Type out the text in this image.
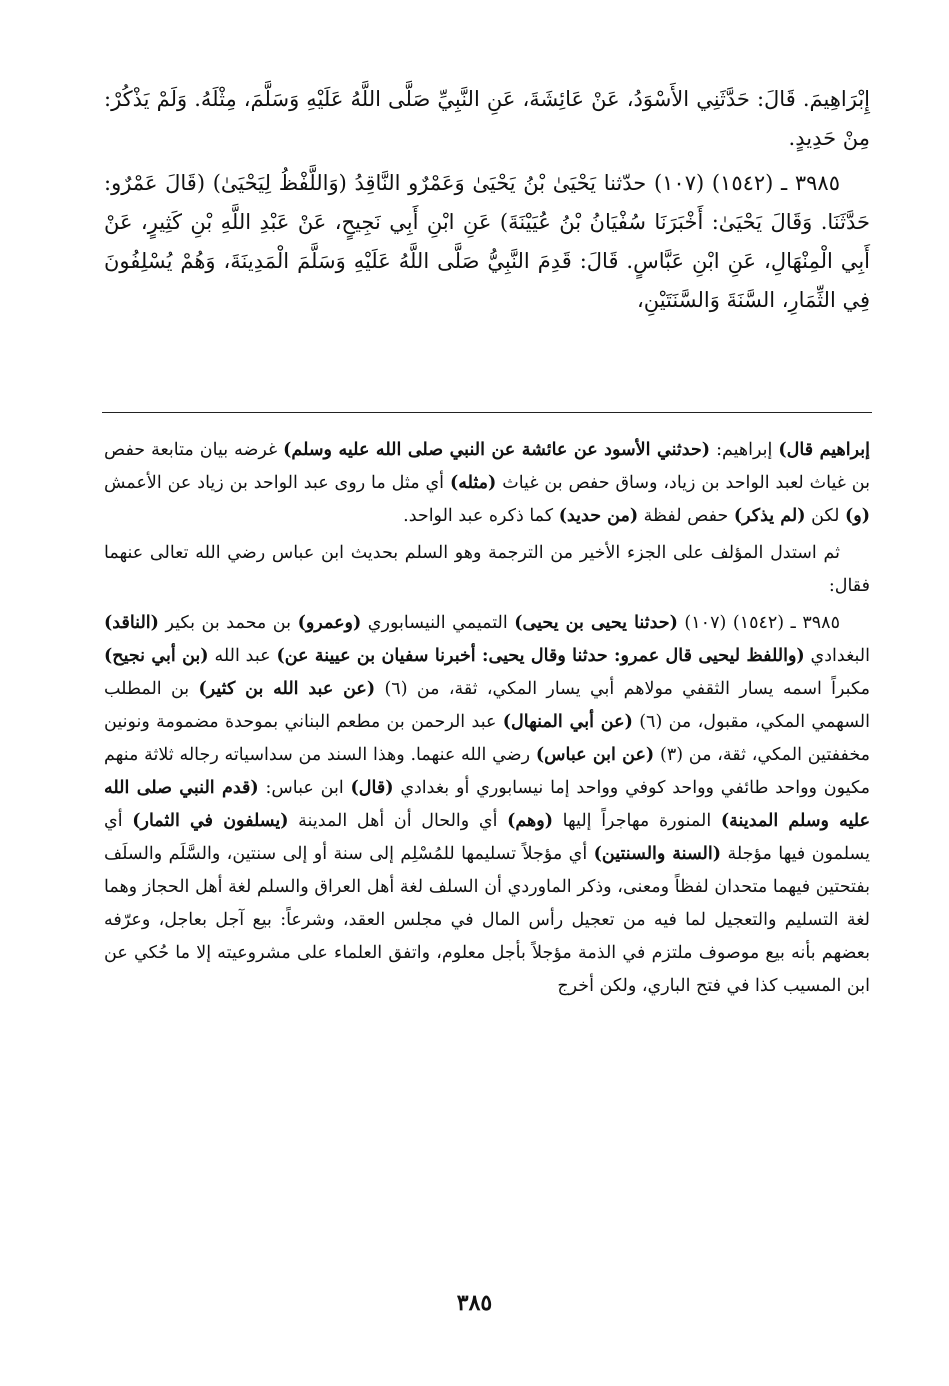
إِبْرَاهِيمَ. قَالَ: حَدَّثَنِي الأَسْوَدُ، عَنْ عَائِشَةَ، عَنِ النَّبِيِّ صَلَّى اللَّهُ عَلَيْهِ وَسَلَّمَ، مِثْلَهُ. وَلَمْ يَذْكُرْ: مِنْ حَدِيدٍ.

٣٩٨٥ ـ (١٥٤٢) (١٠٧) حدّثنا يَحْيَىٰ بْنُ يَحْيَىٰ وَعَمْرٌو النَّاقِدُ (وَاللَّفْظُ لِيَحْيَىٰ) (قَالَ عَمْرٌو: حَدَّثَنَا. وَقَالَ يَحْيَىٰ: أَخْبَرَنَا سُفْيَانُ بْنُ عُيَيْنَةَ) عَنِ ابْنِ أَبِي نَجِيحٍ، عَنْ عَبْدِ اللَّهِ بْنِ كَثِيرٍ، عَنْ أَبِي الْمِنْهَالِ، عَنِ ابْنِ عَبَّاسٍ. قَالَ: قَدِمَ النَّبِيُّ صَلَّى اللَّهُ عَلَيْهِ وَسَلَّمَ الْمَدِينَةَ، وَهُمْ يُسْلِفُونَ فِي الثِّمَارِ، السَّنَةَ وَالسَّنَتَيْنِ،

إبراهيم قال) إبراهيم: (حدثني الأسود عن عائشة عن النبي صلى الله عليه وسلم) غرضه بيان متابعة حفص بن غياث لعبد الواحد بن زياد، وساق حفص بن غياث (مثله) أي مثل ما روى عبد الواحد بن زياد عن الأعمش (و) لكن (لم يذكر) حفص لفظة (من حديد) كما ذكره عبد الواحد.

ثم استدل المؤلف على الجزء الأخير من الترجمة وهو السلم بحديث ابن عباس رضي الله تعالى عنهما فقال:

٣٩٨٥ ـ (١٥٤٢) (١٠٧) (حدثنا يحيى بن يحيى) التميمي النيسابوري (وعمرو) بن محمد بن بكير (الناقد) البغدادي (واللفظ ليحيى قال عمرو: حدثنا وقال يحيى: أخبرنا سفيان بن عيينة عن) عبد الله (بن أبي نجيح) مكبراً اسمه يسار الثقفي مولاهم أبي يسار المكي، ثقة، من (٦) (عن عبد الله بن كثير) بن المطلب السهمي المكي، مقبول، من (٦) (عن أبي المنهال) عبد الرحمن بن مطعم البناني بموحدة مضمومة ونونين مخففتين المكي، ثقة، من (٣) (عن ابن عباس) رضي الله عنهما. وهذا السند من سداسياته رجاله ثلاثة منهم مكيون وواحد طائفي وواحد كوفي وواحد إما نيسابوري أو بغدادي (قال) ابن عباس: (قدم النبي صلى الله عليه وسلم المدينة) المنورة مهاجراً إليها (وهم) أي والحال أن أهل المدينة (يسلفون في الثمار) أي يسلمون فيها مؤجلة (السنة والسنتين) أي مؤجلاً تسليمها للمُسْلِم إلى سنة أو إلى سنتين، والسَّلَم والسلَف بفتحتين فيهما متحدان لفظاً ومعنى، وذكر الماوردي أن السلف لغة أهل العراق والسلم لغة أهل الحجاز وهما لغة التسليم والتعجيل لما فيه من تعجيل رأس المال في مجلس العقد، وشرعاً: بيع آجل بعاجل، وعرّفه بعضهم بأنه بيع موصوف ملتزم في الذمة مؤجلاً بأجل معلوم، واتفق العلماء على مشروعيته إلا ما حُكي عن ابن المسيب كذا في فتح الباري، ولكن أخرج

٣٨٥
